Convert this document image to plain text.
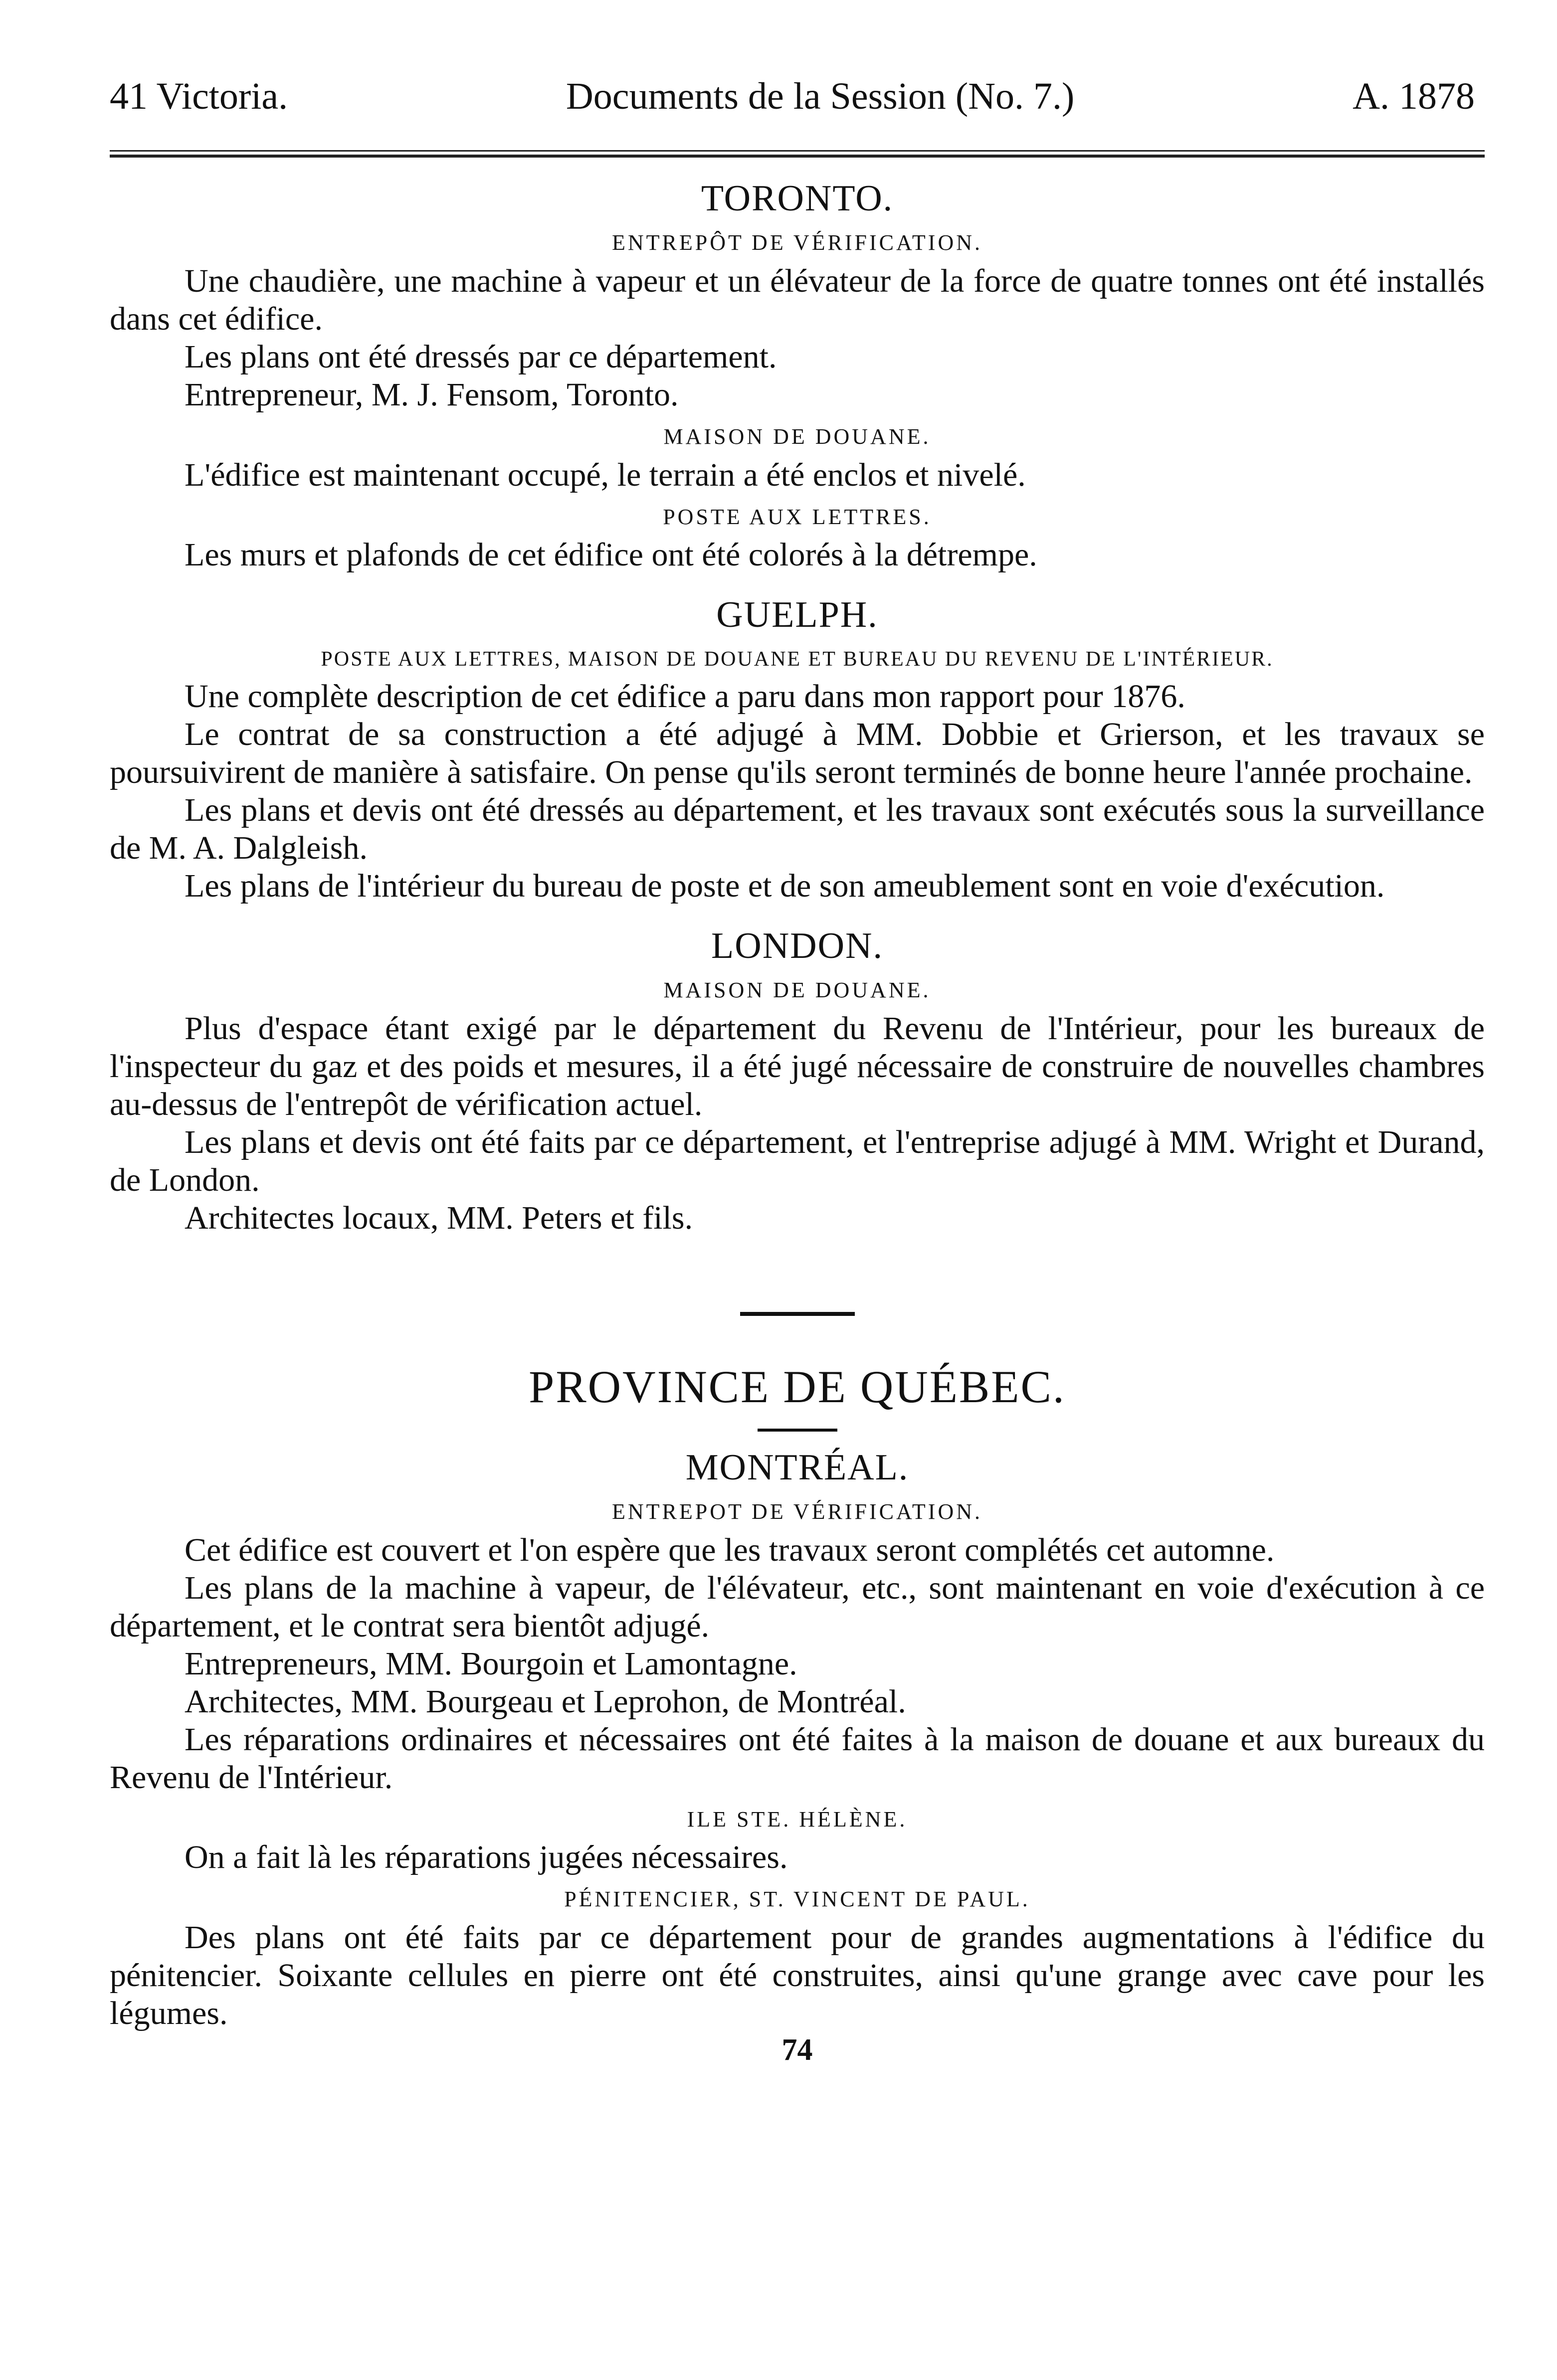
41 Victoria.	Documents de la Session (No. 7.)	A. 1878
TORONTO.
ENTREPÔT DE VÉRIFICATION.

Une chaudière, une machine à vapeur et un élévateur de la force de quatre tonnes ont été installés dans cet édifice.

Les plans ont été dressés par ce département.

Entrepreneur, M. J. Fensom, Toronto.

MAISON DE DOUANE.

L'édifice est maintenant occupé, le terrain a été enclos et nivelé.

POSTE AUX LETTRES.

Les murs et plafonds de cet édifice ont été colorés à la détrempe.

GUELPH.
POSTE AUX LETTRES, MAISON DE DOUANE ET BUREAU DU REVENU DE L'INTÉRIEUR.

Une complète description de cet édifice a paru dans mon rapport pour 1876.

Le contrat de sa construction a été adjugé à MM. Dobbie et Grierson, et les travaux se poursuivirent de manière à satisfaire. On pense qu'ils seront terminés de bonne heure l'année prochaine.

Les plans et devis ont été dressés au département, et les travaux sont exécutés sous la surveillance de M. A. Dalgleish.

Les plans de l'intérieur du bureau de poste et de son ameublement sont en voie d'exécution.

LONDON.
MAISON DE DOUANE.

Plus d'espace étant exigé par le département du Revenu de l'Intérieur, pour les bureaux de l'inspecteur du gaz et des poids et mesures, il a été jugé nécessaire de construire de nouvelles chambres au-dessus de l'entrepôt de vérification actuel.

Les plans et devis ont été faits par ce département, et l'entreprise adjugé à MM. Wright et Durand, de London.

Architectes locaux, MM. Peters et fils.

PROVINCE DE QUÉBEC.
MONTRÉAL.
ENTREPOT DE VÉRIFICATION.

Cet édifice est couvert et l'on espère que les travaux seront complétés cet automne.

Les plans de la machine à vapeur, de l'élévateur, etc., sont maintenant en voie d'exécution à ce département, et le contrat sera bientôt adjugé.

Entrepreneurs, MM. Bourgoin et Lamontagne.

Architectes, MM. Bourgeau et Leprohon, de Montréal.

Les réparations ordinaires et nécessaires ont été faites à la maison de douane et aux bureaux du Revenu de l'Intérieur.

ILE STE. HÉLÈNE.

On a fait là les réparations jugées nécessaires.

PÉNITENCIER, ST. VINCENT DE PAUL.

Des plans ont été faits par ce département pour de grandes augmentations à l'édifice du pénitencier. Soixante cellules en pierre ont été construites, ainsi qu'une grange avec cave pour les légumes.

74
